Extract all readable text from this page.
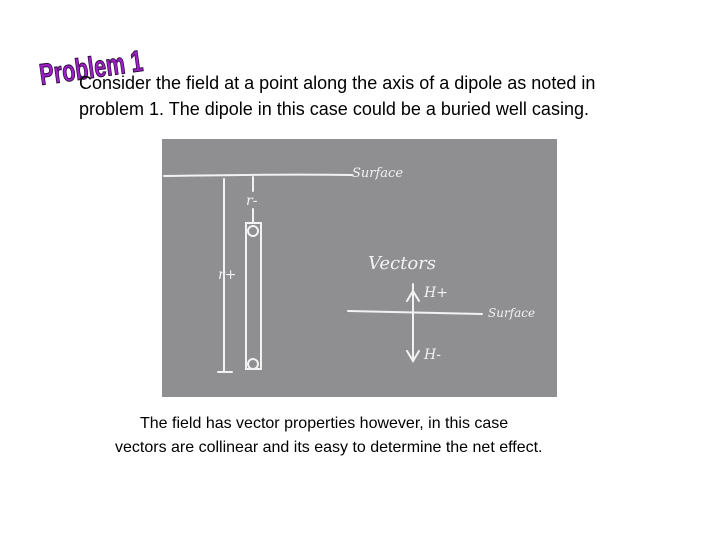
Problem 1

Consider the field at a point along the axis of a dipole as noted in

problem 1. The dipole in this case could be a buried well casing.

Surface
r-
r+
Vectors
H+
H-
Surface

The field has vector properties however, in this case

vectors are collinear and its easy to determine the net effect.
